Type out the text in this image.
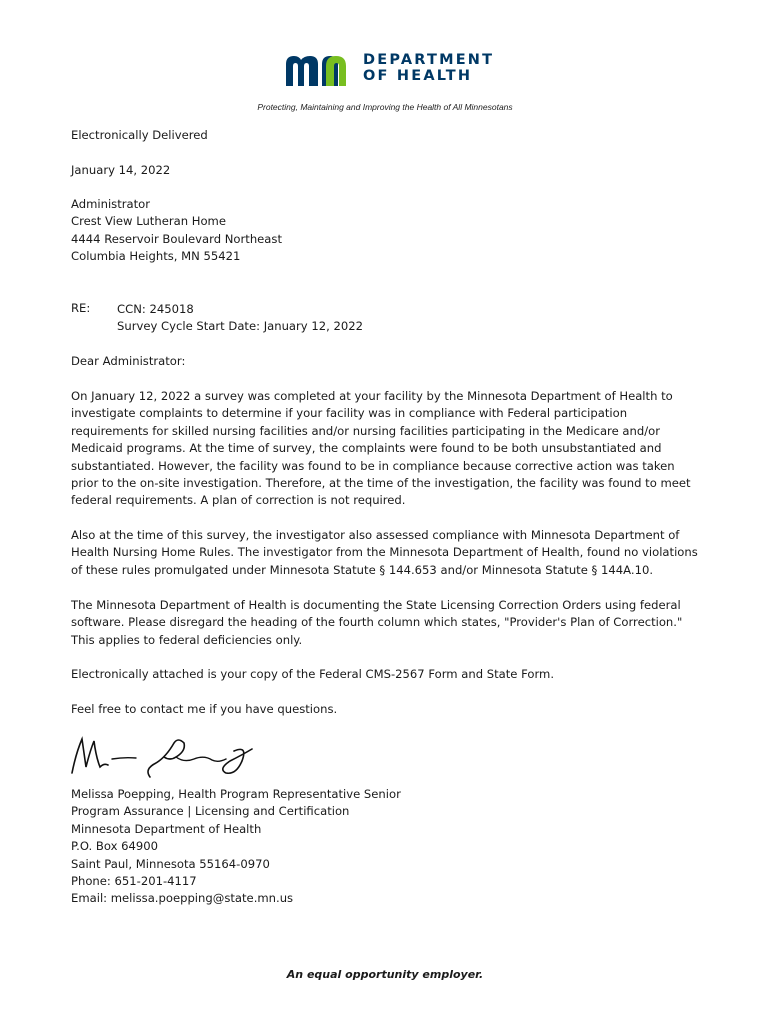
DEPARTMENT
OF HEALTH
Protecting, Maintaining and Improving the Health of All Minnesotans
Electronically Delivered
January 14, 2022
Administrator
Crest View Lutheran Home
4444 Reservoir Boulevard Northeast
Columbia Heights, MN 55421
RE: CCN: 245018
Survey Cycle Start Date: January 12, 2022
Dear Administrator:
On January 12, 2022 a survey was completed at your facility by the Minnesota Department of Health to investigate complaints to determine if your facility was in compliance with Federal participation requirements for skilled nursing facilities and/or nursing facilities participating in the Medicare and/or Medicaid programs. At the time of survey, the complaints were found to be both unsubstantiated and substantiated. However, the facility was found to be in compliance because corrective action was taken prior to the on-site investigation. Therefore, at the time of the investigation, the facility was found to meet federal requirements. A plan of correction is not required.
Also at the time of this survey, the investigator also assessed compliance with Minnesota Department of Health Nursing Home Rules. The investigator from the Minnesota Department of Health, found no violations of these rules promulgated under Minnesota Statute § 144.653 and/or Minnesota Statute § 144A.10.
The Minnesota Department of Health is documenting the State Licensing Correction Orders using federal software. Please disregard the heading of the fourth column which states, "Provider's Plan of Correction." This applies to federal deficiencies only.
Electronically attached is your copy of the Federal CMS-2567 Form and State Form.
Feel free to contact me if you have questions.
Melissa Poepping, Health Program Representative Senior
Program Assurance | Licensing and Certification
Minnesota Department of Health
P.O. Box 64900
Saint Paul, Minnesota 55164-0970
Phone: 651-201-4117
Email: melissa.poepping@state.mn.us
An equal opportunity employer.
